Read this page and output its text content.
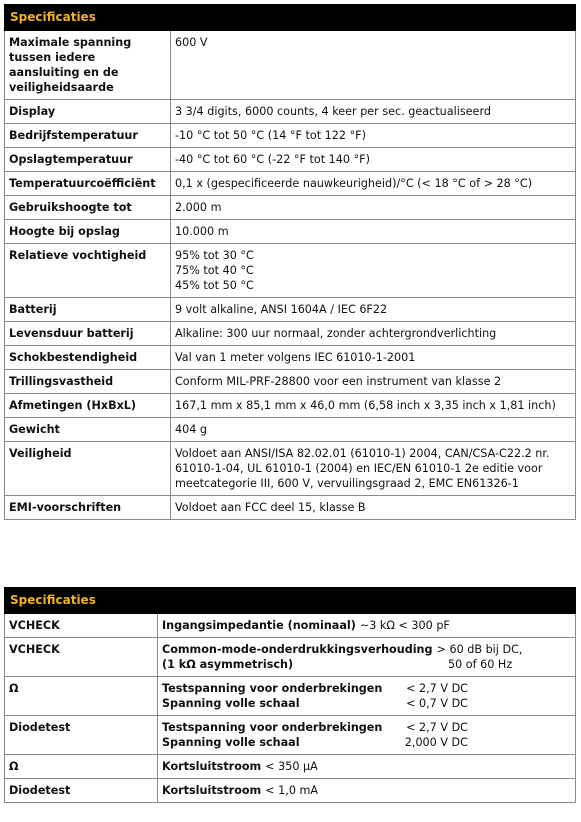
Specificaties	
Maximale spanning tussen iedere aansluiting en de veiligheidsaarde	600 V
Display	3 3/4 digits, 6000 counts, 4 keer per sec. geactualiseerd
Bedrijfstemperatuur	-10 °C tot 50 °C (14 °F tot 122 °F)
Opslagtemperatuur	-40 °C tot 60 °C (-22 °F tot 140 °F)
Temperatuurcoëfficiënt	0,1 x (gespecificeerde nauwkeurigheid)/°C (< 18 °C of > 28 °C)
Gebruikshoogte tot	2.000 m
Hoogte bij opslag	10.000 m
Relatieve vochtigheid	95% tot 30 °C
75% tot 40 °C
45% tot 50 °C

Batterij	9 volt alkaline, ANSI 1604A / IEC 6F22
Levensduur batterij	Alkaline: 300 uur normaal, zonder achtergrondverlichting
Schokbestendigheid	Val van 1 meter volgens IEC 61010-1-2001
Trillingsvastheid	Conform MIL-PRF-28800 voor een instrument van klasse 2
Afmetingen (HxBxL)	167,1 mm x 85,1 mm x 46,0 mm (6,58 inch x 3,35 inch x 1,81 inch)
Gewicht	404 g
Veiligheid	Voldoet aan ANSI/ISA 82.02.01 (61010-1) 2004, CAN/CSA-C22.2 nr. 61010-1-04, UL 61010-1 (2004) en IEC/EN 61010-1 2e editie voor meetcategorie III, 600 V, vervuilingsgraad 2, EMC EN61326-1
EMI-voorschriften	Voldoet aan FCC deel 15, klasse B
Specificaties	
VCHECK	Ingangsimpedantie (nominaal) ~3 kΩ < 300 pF

VCHECK	Common-mode-onderdrukkingsverhouding > 60 dB bij DC,
(1 kΩ asymmetrisch) 50 of 60 Hz

Ω	Testspanning voor onderbrekingen < 2,7 V DC
Spanning volle schaal < 0,7 V DC

Diodetest	Testspanning voor onderbrekingen < 2,7 V DC
Spanning volle schaal 2,000 V DC

Ω	Kortsluitstroom < 350 μA

Diodetest	Kortsluitstroom < 1,0 mA
